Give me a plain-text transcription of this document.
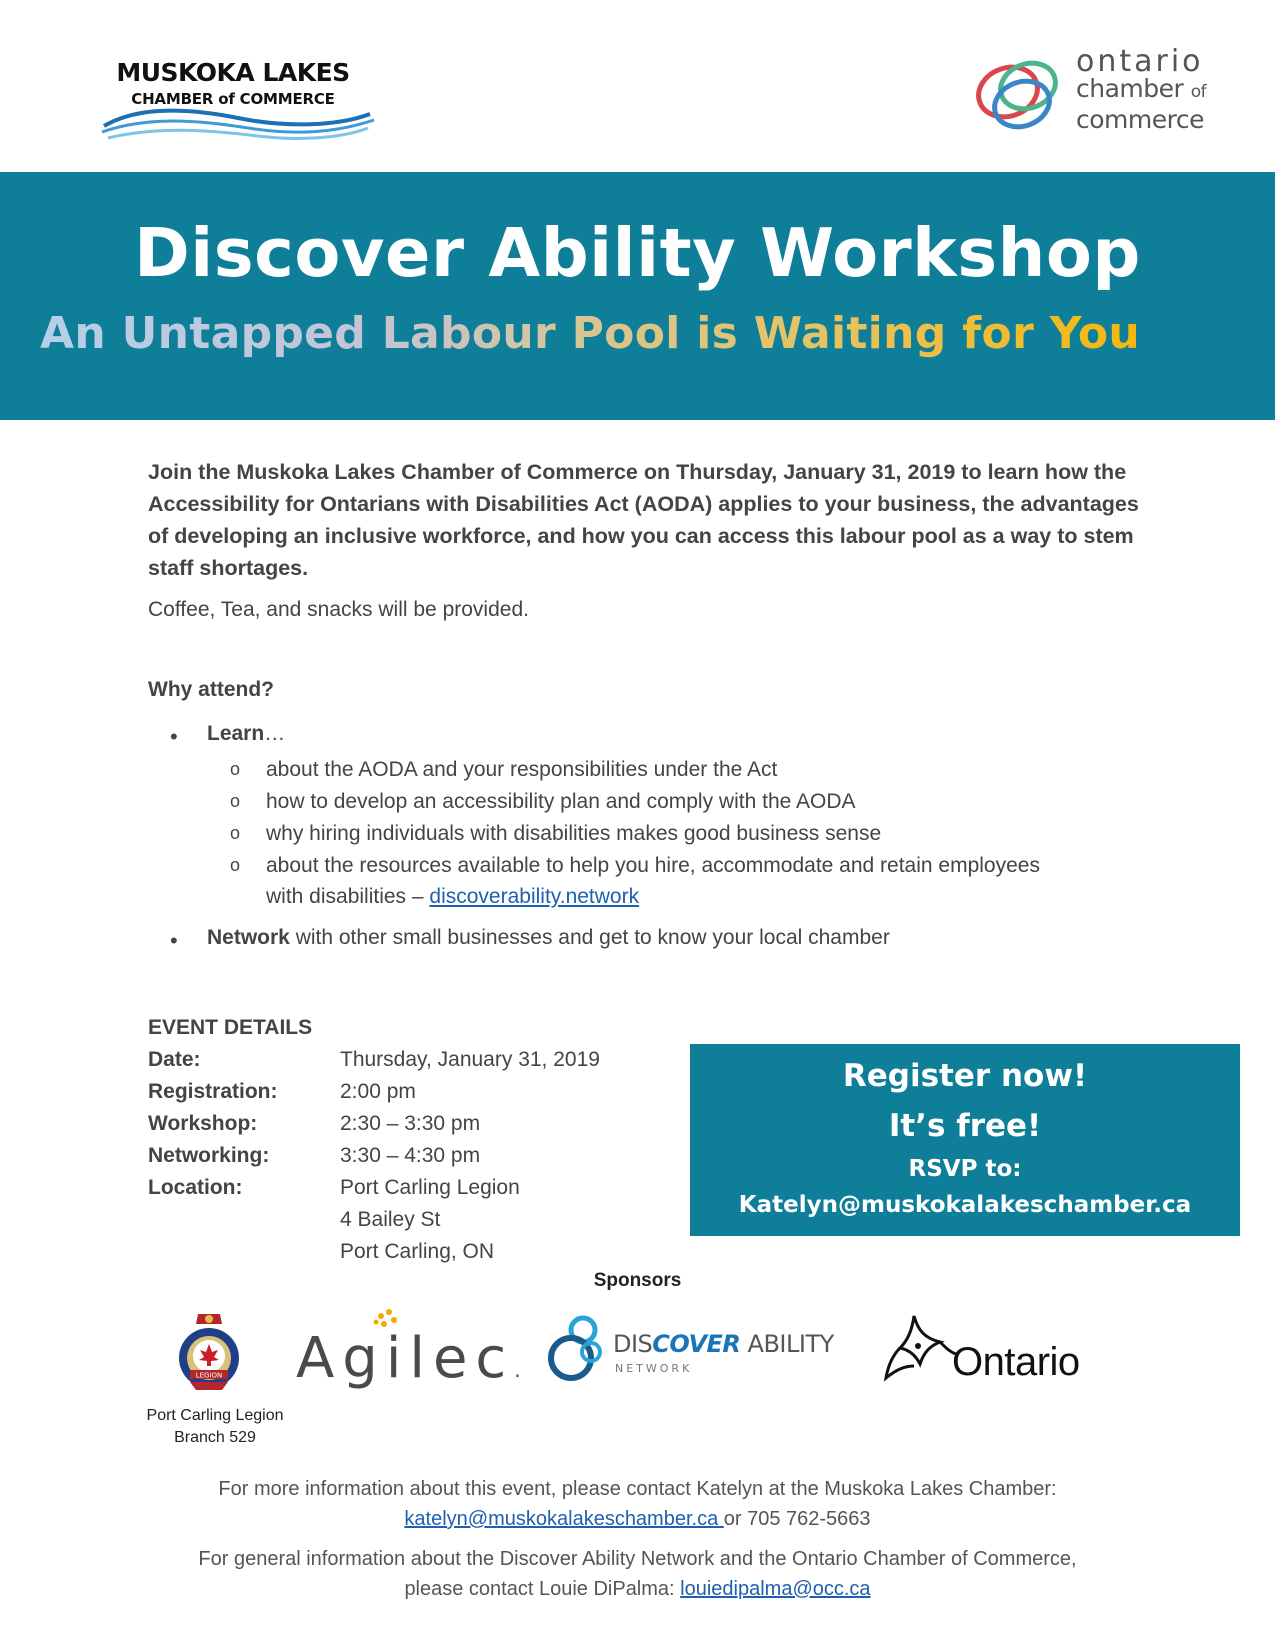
MUSKOKA LAKES
CHAMBER of COMMERCE
ontario
chamber of
commerce
Discover Ability Workshop
An Untapped Labour Pool is Waiting for You

Join the Muskoka Lakes Chamber of Commerce on Thursday, January 31, 2019 to learn how the Accessibility for Ontarians with Disabilities Act (AODA) applies to your business, the advantages of developing an inclusive workforce, and how you can access this labour pool as a way to stem staff shortages.

Coffee, Tea, and snacks will be provided.
Why attend?
• Learn…
o about the AODA and your responsibilities under the Act
o how to develop an accessibility plan and comply with the AODA
o why hiring individuals with disabilities makes good business sense
o about the resources available to help you hire, accommodate and retain employees
with disabilities – discoverability.network
• Network with other small businesses and get to know your local chamber
EVENT DETAILS
Date:	Thursday, January 31, 2019
Registration:	2:00 pm
Workshop:	2:30 – 3:30 pm
Networking:	3:30 – 4:30 pm
Location:	Port Carling Legion
4 Bailey St
Port Carling, ON
Register now!
It’s free!
RSVP to:
Katelyn@muskokalakeschamber.ca
Sponsors
LEGION
Port Carling Legion
Branch 529
Agilec.
DISCOVER ABILITY
NETWORK	Ontario
For more information about this event, please contact Katelyn at the Muskoka Lakes Chamber:
katelyn@muskokalakeschamber.ca or 705 762-5663
For general information about the Discover Ability Network and the Ontario Chamber of Commerce,
please contact Louie DiPalma: louiedipalma@occ.ca
